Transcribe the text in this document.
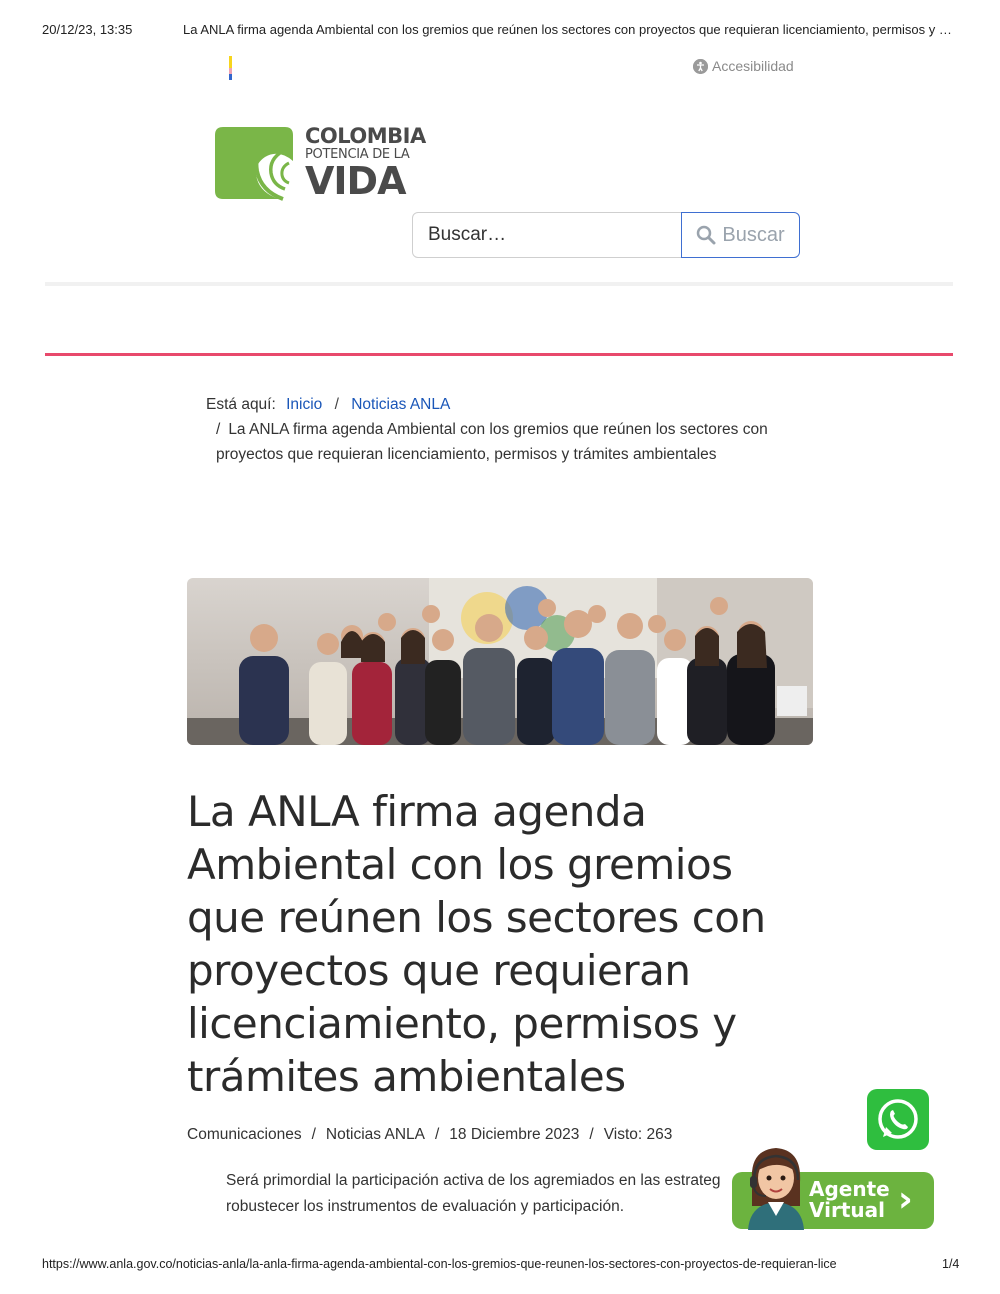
20/12/23, 13:35	La ANLA firma agenda Ambiental con los gremios que reúnen los sectores con proyectos que requieran licenciamiento, permisos y …
Accesibilidad
COLOMBIA
POTENCIA DE LA
VIDA
Buscar…	Buscar
Está aquí: Inicio / Noticias ANLA
/ La ANLA firma agenda Ambiental con los gremios que reúnen los sectores con proyectos que requieran licenciamiento, permisos y trámites ambientales
La ANLA firma agenda Ambiental con los gremios que reúnen los sectores con proyectos que requieran licenciamiento, permisos y trámites ambientales
Comunicaciones / Noticias ANLA / 18 Diciembre 2023 / Visto: 263
Será primordial la participación activa de los agremiados en las estrateg
robustecer los instrumentos de evaluación y participación.
Agente
Virtual ›
https://www.anla.gov.co/noticias-anla/la-anla-firma-agenda-ambiental-con-los-gremios-que-reunen-los-sectores-con-proyectos-de-requieran-lice	1/4
